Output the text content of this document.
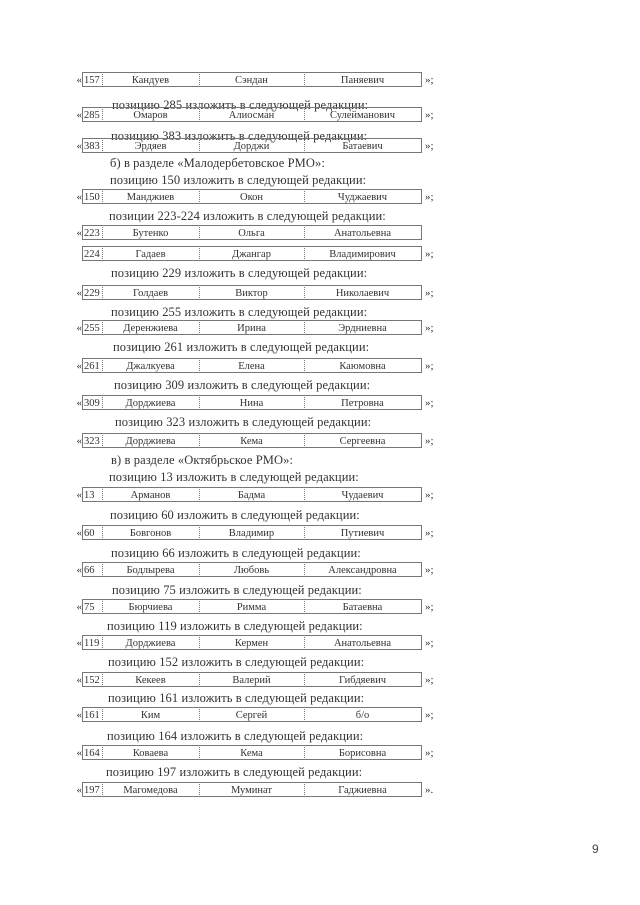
« 157	Кандуев	Сэндан	Паняевич	»;
позицию 285 изложить в следующей редакции:
« 285	Омаров	Алиосман	Сулейманович	»;
позицию 383 изложить в следующей редакции:
« 383	Эрдяев	Дорджи	Батаевич	»;
б) в разделе «Малодербетовское РМО»:
позицию 150 изложить в следующей редакции:
« 150	Манджиев	Окон	Чуджаевич	»;
позиции 223-224 изложить в следующей редакции:
« 223	Бутенко	Ольга	Анатольевна
224	Гадаев	Джангар	Владимирович	»;
позицию 229 изложить в следующей редакции:
« 229	Голдаев	Виктор	Николаевич	»;
позицию 255 изложить в следующей редакции:
« 255	Деренжиева	Ирина	Эрдниевна	»;
позицию 261 изложить в следующей редакции:
« 261	Джалкуева	Елена	Каюмовна	»;
позицию 309 изложить в следующей редакции:
« 309	Дорджиева	Нина	Петровна	»;
позицию 323 изложить в следующей редакции:
« 323	Дорджиева	Кема	Сергеевна	»;
в) в разделе «Октябрьское РМО»:
позицию 13 изложить в следующей редакции:
« 13	Арманов	Бадма	Чудаевич	»;
позицию 60 изложить в следующей редакции:
« 60	Бовгонов	Владимир	Путиевич	»;
позицию 66 изложить в следующей редакции:
« 66	Бодлырева	Любовь	Александровна	»;
позицию 75 изложить в следующей редакции:
« 75	Бюрчиева	Римма	Батаевна	»;
позицию 119 изложить в следующей редакции:
« 119	Дорджиева	Кермен	Анатольевна	»;
позицию 152 изложить в следующей редакции:
« 152	Кекеев	Валерий	Гибдяевич	»;
позицию 161 изложить в следующей редакции:
« 161	Ким	Сергей	б/о	»;
позицию 164 изложить в следующей редакции:
« 164	Коваева	Кема	Борисовна	»;
позицию 197 изложить в следующей редакции:
« 197	Магомедова	Муминат	Гаджиевна	».
9
